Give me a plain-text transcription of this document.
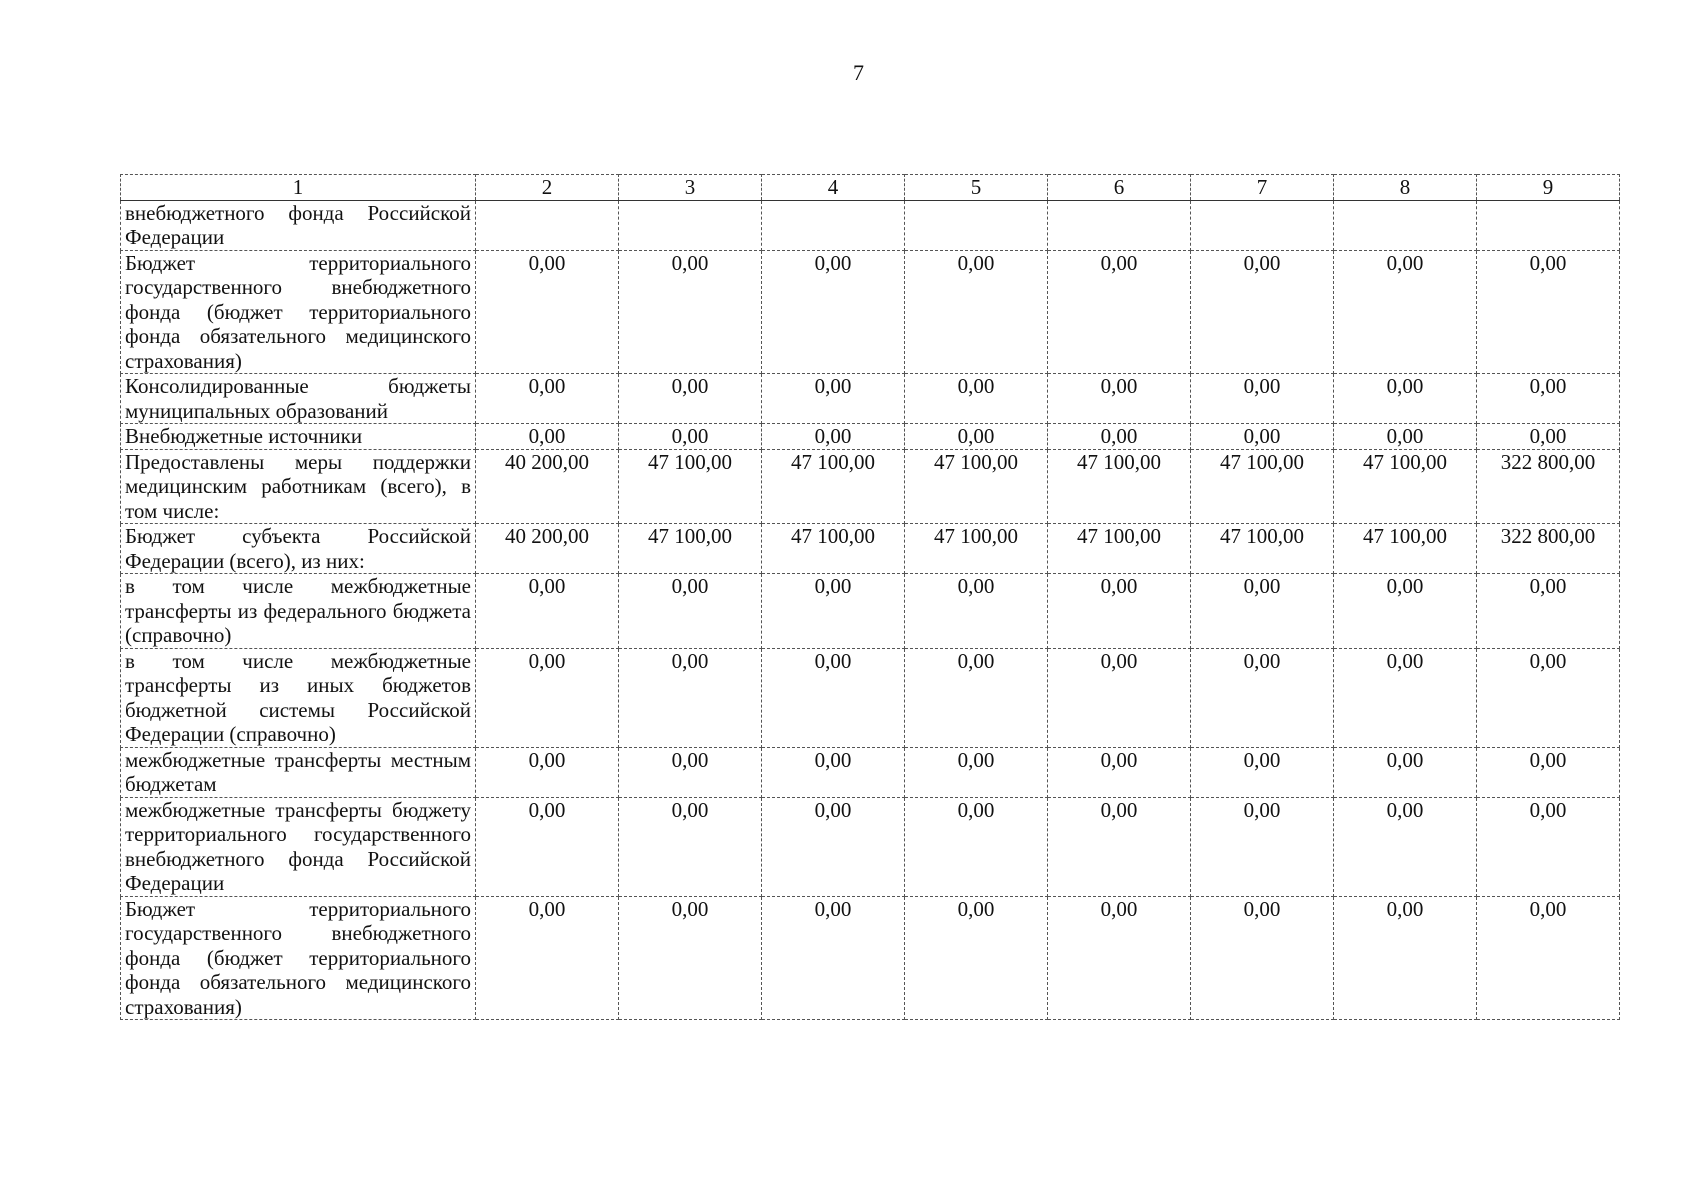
7
1	2	3	4	5	6	7	8	9
внебюджетного фонда Российской Федерации								
Бюджет территориального государственного внебюджетного фонда (бюджет территориального фонда обязательного медицинского страхования)	0,00	0,00	0,00	0,00	0,00	0,00	0,00	0,00
Консолидированные бюджеты муниципальных образований	0,00	0,00	0,00	0,00	0,00	0,00	0,00	0,00
Внебюджетные источники	0,00	0,00	0,00	0,00	0,00	0,00	0,00	0,00
Предоставлены меры поддержки медицинским работникам (всего), в том числе:	40 200,00	47 100,00	47 100,00	47 100,00	47 100,00	47 100,00	47 100,00	322 800,00
Бюджет субъекта Российской Федерации (всего), из них:	40 200,00	47 100,00	47 100,00	47 100,00	47 100,00	47 100,00	47 100,00	322 800,00
в том числе межбюджетные трансферты из федерального бюджета (справочно)	0,00	0,00	0,00	0,00	0,00	0,00	0,00	0,00
в том числе межбюджетные трансферты из иных бюджетов бюджетной системы Российской Федерации (справочно)	0,00	0,00	0,00	0,00	0,00	0,00	0,00	0,00
межбюджетные трансферты местным бюджетам	0,00	0,00	0,00	0,00	0,00	0,00	0,00	0,00
межбюджетные трансферты бюджету территориального государственного внебюджетного фонда Российской Федерации	0,00	0,00	0,00	0,00	0,00	0,00	0,00	0,00
Бюджет территориального государственного внебюджетного фонда (бюджет территориального фонда обязательного медицинского страхования)	0,00	0,00	0,00	0,00	0,00	0,00	0,00	0,00
